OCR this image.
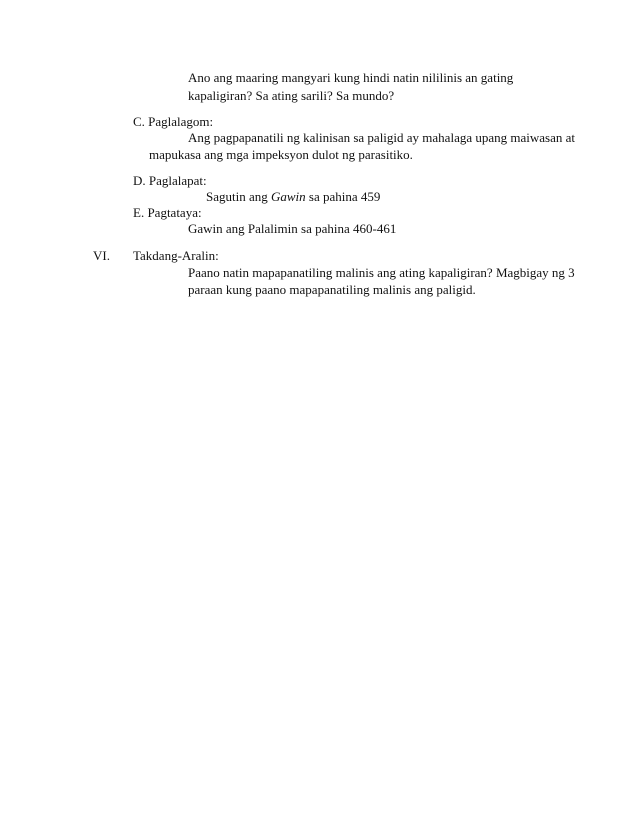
Ano ang maaring mangyari kung hindi natin nililinis an gating
kapaligiran? Sa ating sarili? Sa mundo?
C. Paglalagom:
Ang pagpapanatili ng kalinisan sa paligid ay mahalaga upang maiwasan at
mapukasa ang mga impeksyon dulot ng parasitiko.
D. Paglalapat:
Sagutin ang Gawin sa pahina 459
E. Pagtataya:
Gawin ang Palalimin sa pahina 460-461
VI. Takdang-Aralin:
Paano natin mapapanatiling malinis ang ating kapaligiran? Magbigay ng 3
paraan kung paano mapapanatiling malinis ang paligid.
